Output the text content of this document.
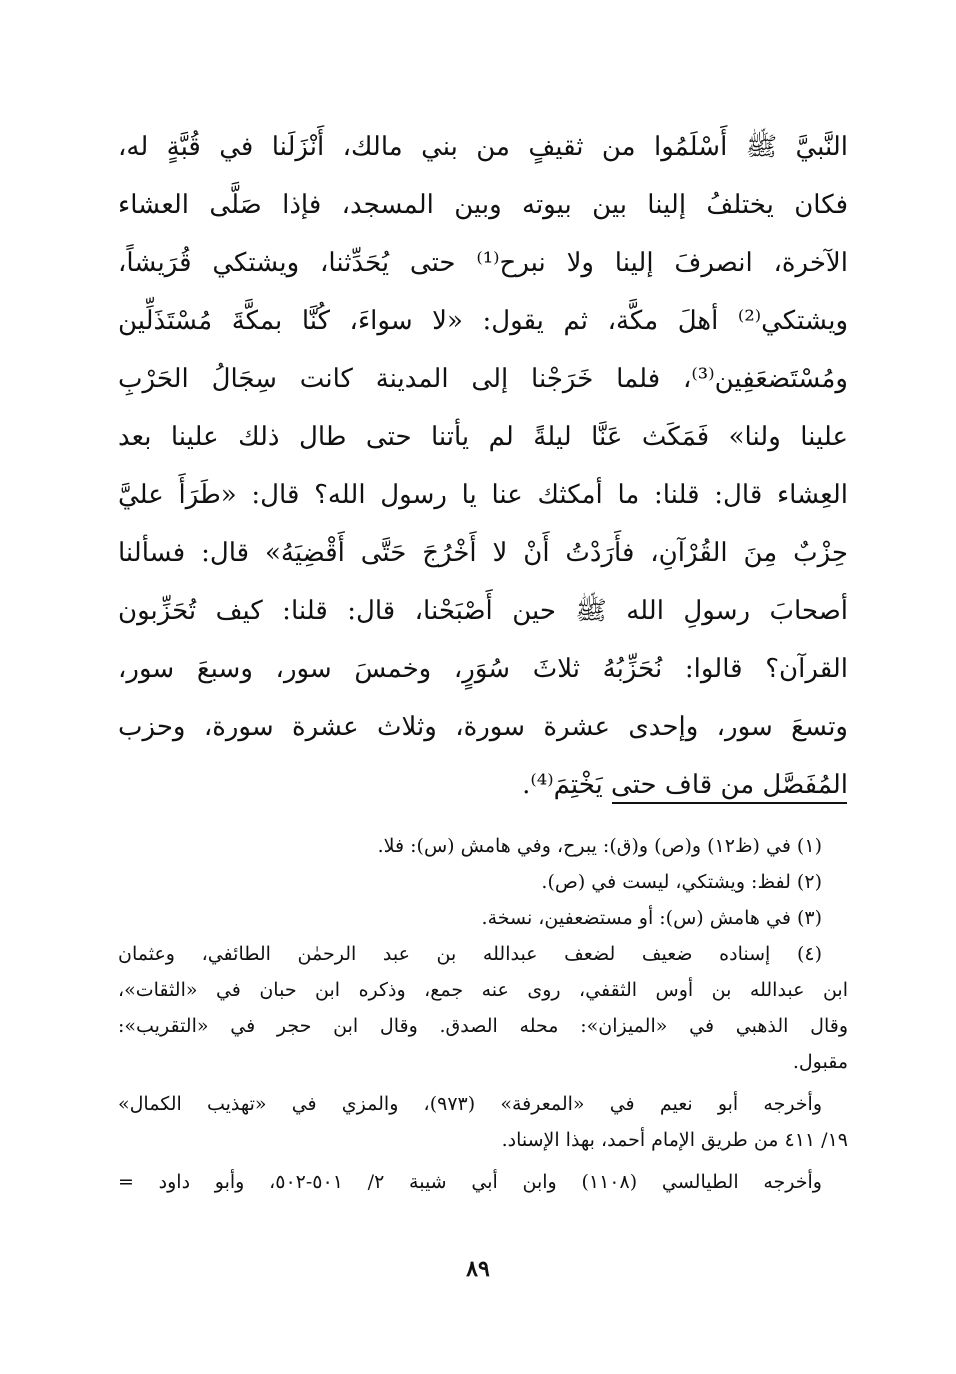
النَّبيَّ ﷺ أَسْلَمُوا من ثقيفٍ من بني مالك، أَنْزَلَنا في قُبَّةٍ له،
فكان يختلفُ إلينا بين بيوته وبين المسجد، فإذا صَلَّى العشاء
الآخرة، انصرفَ إلينا ولا نبرح⁽¹⁾ حتى يُحَدِّثنا، ويشتكي قُرَيشاً،
ويشتكي⁽²⁾ أهلَ مكَّة، ثم يقول: «لا سواءَ، كُنَّا بمكَّةَ مُسْتَذَلِّين
ومُسْتَضعَفِين⁽³⁾، فلما خَرَجْنا إلى المدينة كانت سِجَالُ الحَرْبِ
علينا ولنا» فَمَكَث عَنَّا ليلةً لم يأتنا حتى طال ذلك علينا بعد
العِشاء قال: قلنا: ما أمكثك عنا يا رسول الله؟ قال: «طَرَأَ عليَّ
حِزْبٌ مِنَ القُرْآنِ، فأَرَدْتُ أَنْ لا أَخْرُجَ حَتَّى أَقْضِيَهُ» قال: فسألنا
أصحابَ رسولِ الله ﷺ حين أَصْبَحْنا، قال: قلنا: كيف تُحَزِّبون
القرآن؟ قالوا: نُحَزِّبُهُ ثلاثَ سُوَرٍ، وخمسَ سور، وسبعَ سور،
وتسعَ سور، وإحدى عشرة سورة، وثلاث عشرة سورة، وحزب
المُفَصَّل من قاف حتى يَخْتِمَ⁽⁴⁾.
(١) في (ظ١٢) و(ص) و(ق): يبرح، وفي هامش (س): فلا.
(٢) لفظ: ويشتكي، ليست في (ص).
(٣) في هامش (س): أو مستضعفين، نسخة.
(٤) إسناده ضعيف لضعف عبدالله بن عبد الرحمٰن الطائفي، وعثمان
ابن عبدالله بن أوس الثقفي، روى عنه جمع، وذكره ابن حبان في «الثقات»،
وقال الذهبي في «الميزان»: محله الصدق. وقال ابن حجر في «التقريب»:
مقبول.
وأخرجه أبو نعيم في «المعرفة» (٩٧٣)، والمزي في «تهذيب الكمال»
١٩/ ٤١١ من طريق الإمام أحمد، بهذا الإسناد.
وأخرجه الطيالسي (١١٠٨) وابن أبي شيبة ٢/ ٥٠١-٥٠٢، وأبو داود =
٨٩
